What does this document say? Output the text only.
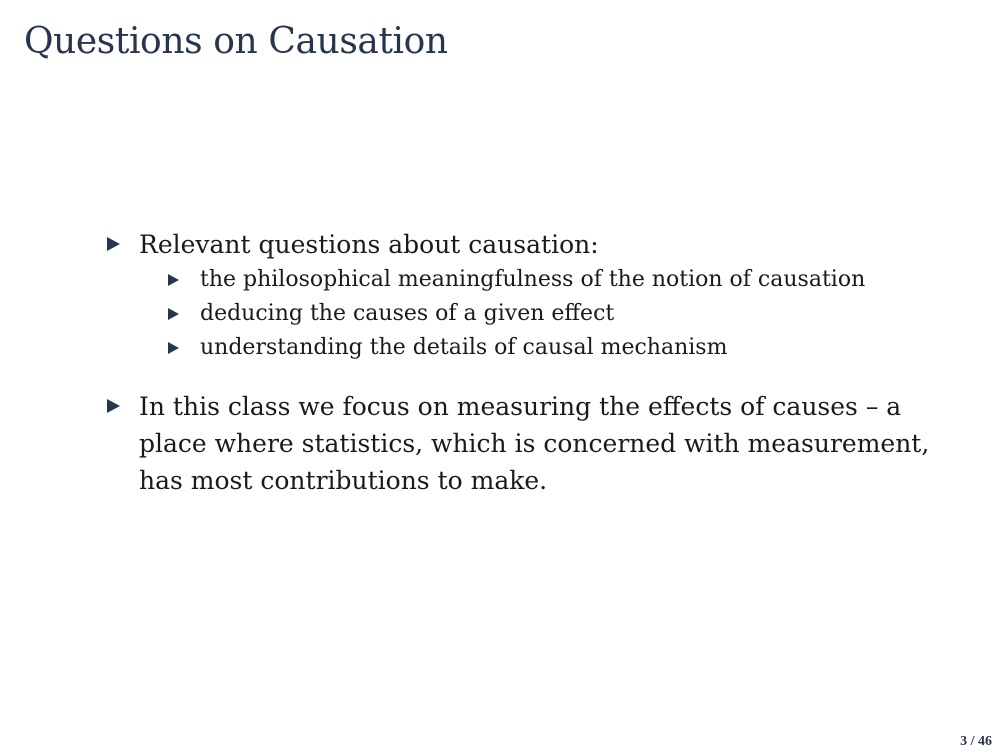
Questions on Causation
Relevant questions about causation:
the philosophical meaningfulness of the notion of causation
deducing the causes of a given effect
understanding the details of causal mechanism
In this class we focus on measuring the effects of causes – a place where statistics, which is concerned with measurement, has most contributions to make.
3 / 46
